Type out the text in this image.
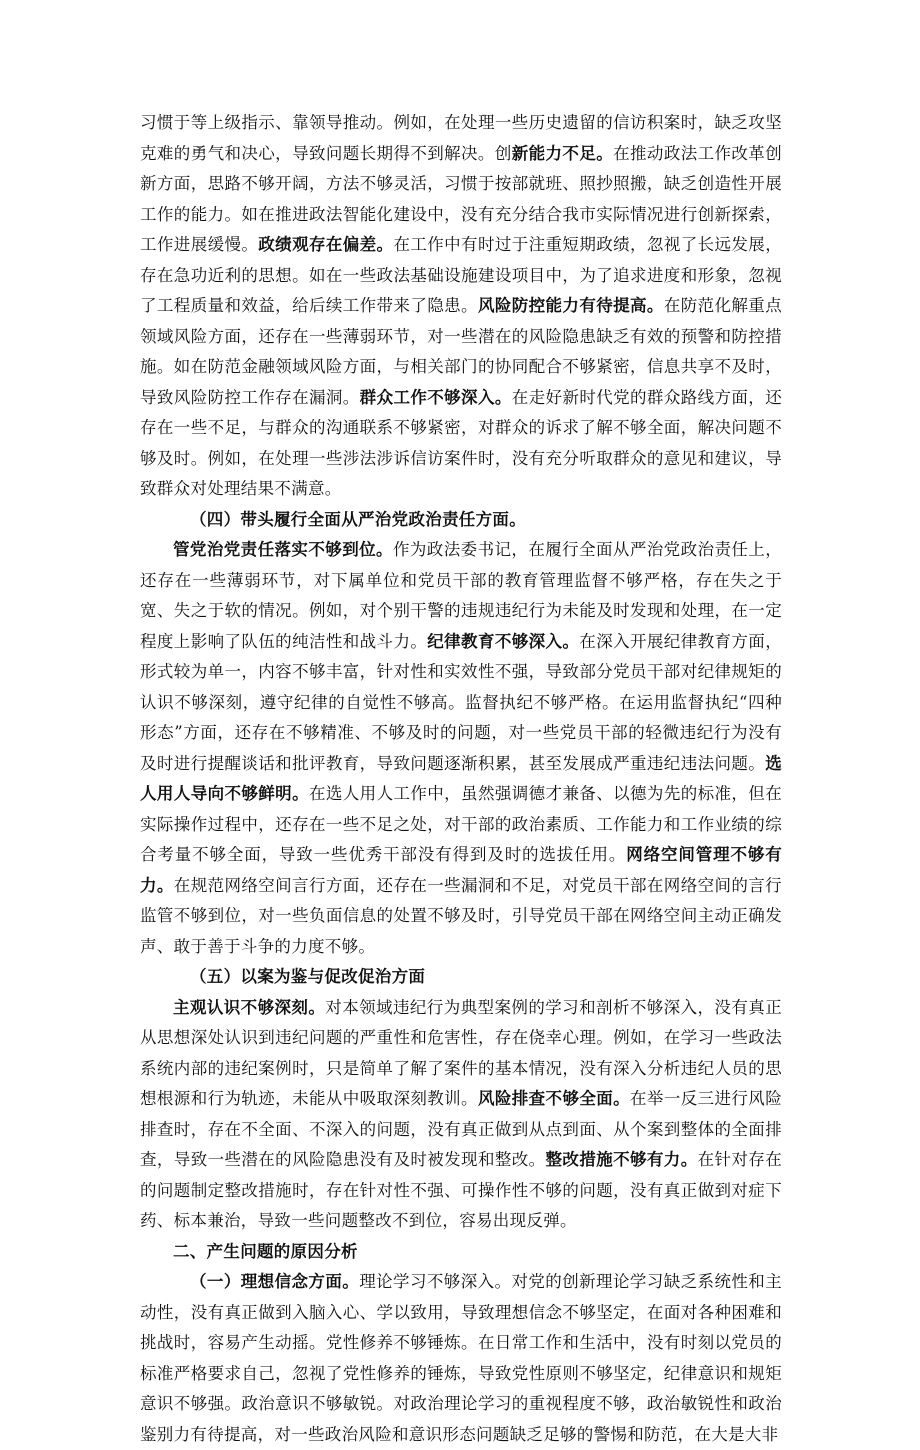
习惯于等上级指示、靠领导推动。例如，在处理一些历史遗留的信访积案时，缺乏攻坚克难的勇气和决心，导致问题长期得不到解决。创新能力不足。在推动政法工作改革创新方面，思路不够开阔，方法不够灵活，习惯于按部就班、照抄照搬，缺乏创造性开展工作的能力。如在推进政法智能化建设中，没有充分结合我市实际情况进行创新探索，工作进展缓慢。政绩观存在偏差。在工作中有时过于注重短期政绩，忽视了长远发展，存在急功近利的思想。如在一些政法基础设施建设项目中，为了追求进度和形象，忽视了工程质量和效益，给后续工作带来了隐患。风险防控能力有待提高。在防范化解重点领域风险方面，还存在一些薄弱环节，对一些潜在的风险隐患缺乏有效的预警和防控措施。如在防范金融领域风险方面，与相关部门的协同配合不够紧密，信息共享不及时，导致风险防控工作存在漏洞。群众工作不够深入。在走好新时代党的群众路线方面，还存在一些不足，与群众的沟通联系不够紧密，对群众的诉求了解不够全面，解决问题不够及时。例如，在处理一些涉法涉诉信访案件时，没有充分听取群众的意见和建议，导致群众对处理结果不满意。

（四）带头履行全面从严治党政治责任方面。

管党治党责任落实不够到位。作为政法委书记，在履行全面从严治党政治责任上，还存在一些薄弱环节，对下属单位和党员干部的教育管理监督不够严格，存在失之于宽、失之于软的情况。例如，对个别干警的违规违纪行为未能及时发现和处理，在一定程度上影响了队伍的纯洁性和战斗力。纪律教育不够深入。在深入开展纪律教育方面，形式较为单一，内容不够丰富，针对性和实效性不强，导致部分党员干部对纪律规矩的认识不够深刻，遵守纪律的自觉性不够高。监督执纪不够严格。在运用监督执纪“四种形态”方面，还存在不够精准、不够及时的问题，对一些党员干部的轻微违纪行为没有及时进行提醒谈话和批评教育，导致问题逐渐积累，甚至发展成严重违纪违法问题。选人用人导向不够鲜明。在选人用人工作中，虽然强调德才兼备、以德为先的标准，但在实际操作过程中，还存在一些不足之处，对干部的政治素质、工作能力和工作业绩的综合考量不够全面，导致一些优秀干部没有得到及时的选拔任用。网络空间管理不够有力。在规范网络空间言行方面，还存在一些漏洞和不足，对党员干部在网络空间的言行监管不够到位，对一些负面信息的处置不够及时，引导党员干部在网络空间主动正确发声、敢于善于斗争的力度不够。

（五）以案为鉴与促改促治方面

主观认识不够深刻。对本领域违纪行为典型案例的学习和剖析不够深入，没有真正从思想深处认识到违纪问题的严重性和危害性，存在侥幸心理。例如，在学习一些政法系统内部的违纪案例时，只是简单了解了案件的基本情况，没有深入分析违纪人员的思想根源和行为轨迹，未能从中吸取深刻教训。风险排查不够全面。在举一反三进行风险排查时，存在不全面、不深入的问题，没有真正做到从点到面、从个案到整体的全面排查，导致一些潜在的风险隐患没有及时被发现和整改。整改措施不够有力。在针对存在的问题制定整改措施时，存在针对性不强、可操作性不够的问题，没有真正做到对症下药、标本兼治，导致一些问题整改不到位，容易出现反弹。

二、产生问题的原因分析

（一）理想信念方面。理论学习不够深入。对党的创新理论学习缺乏系统性和主动性，没有真正做到入脑入心、学以致用，导致理想信念不够坚定，在面对各种困难和挑战时，容易产生动摇。党性修养不够锤炼。在日常工作和生活中，没有时刻以党员的标准严格要求自己，忽视了党性修养的锤炼，导致党性原则不够坚定，纪律意识和规矩意识不够强。政治意识不够敏锐。对政治理论学习的重视程度不够，政治敏锐性和政治鉴别力有待提高，对一些政治风险和意识形态问题缺乏足够的警惕和防范，在大是大非
